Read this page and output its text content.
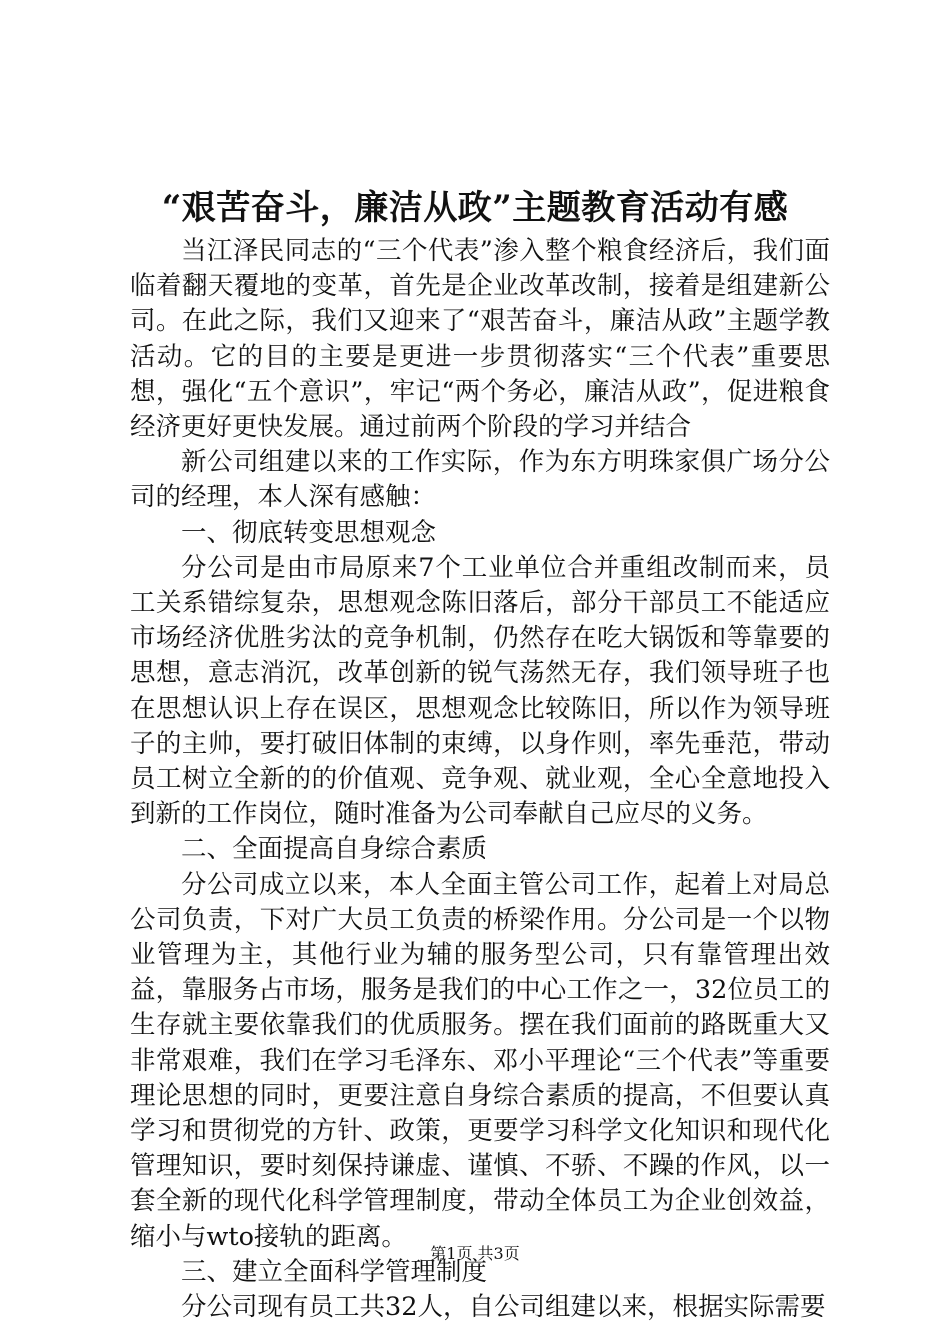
“艰苦奋斗，廉洁从政”主题教育活动有感

当江泽民同志的“三个代表”渗入整个粮食经济后，我们面临着翻天覆地的变革，首先是企业改革改制，接着是组建新公司。在此之际，我们又迎来了“艰苦奋斗，廉洁从政”主题学教活动。它的目的主要是更进一步贯彻落实“三个代表”重要思想，强化“五个意识”，牢记“两个务必，廉洁从政”，促进粮食经济更好更快发展。通过前两个阶段的学习并结合

新公司组建以来的工作实际，作为东方明珠家俱广场分公司的经理，本人深有感触：

一、彻底转变思想观念

分公司是由市局原来7个工业单位合并重组改制而来，员工关系错综复杂，思想观念陈旧落后，部分干部员工不能适应市场经济优胜劣汰的竞争机制，仍然存在吃大锅饭和等靠要的思想，意志消沉，改革创新的锐气荡然无存，我们领导班子也在思想认识上存在误区，思想观念比较陈旧，所以作为领导班子的主帅，要打破旧体制的束缚，以身作则，率先垂范，带动员工树立全新的的价值观、竞争观、就业观，全心全意地投入到新的工作岗位，随时准备为公司奉献自己应尽的义务。

二、全面提高自身综合素质

分公司成立以来，本人全面主管公司工作，起着上对局总公司负责，下对广大员工负责的桥梁作用。分公司是一个以物业管理为主，其他行业为辅的服务型公司，只有靠管理出效益，靠服务占市场，服务是我们的中心工作之一，32位员工的生存就主要依靠我们的优质服务。摆在我们面前的路既重大又非常艰难，我们在学习毛泽东、邓小平理论“三个代表”等重要理论思想的同时，更要注意自身综合素质的提高，不但要认真学习和贯彻党的方针、政策，更要学习科学文化知识和现代化管理知识，要时刻保持谦虚、谨慎、不骄、不躁的作风，以一套全新的现代化科学管理制度，带动全体员工为企业创效益，缩小与wto接轨的距离。

三、建立全面科学管理制度

分公司现有员工共32人，自公司组建以来，根据实际需要

第1页 共3页
